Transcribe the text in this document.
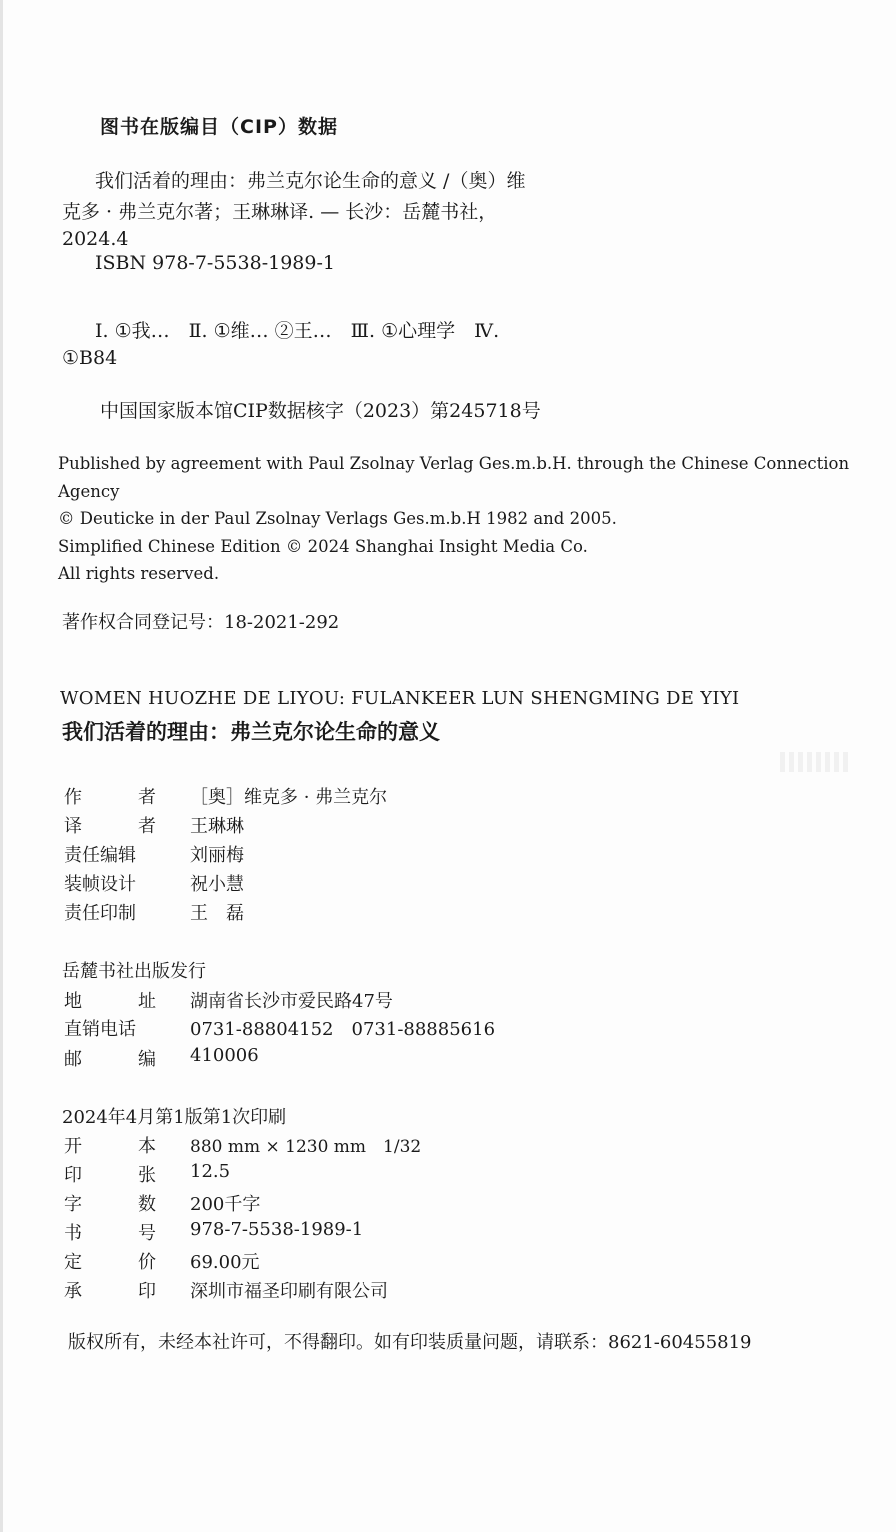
图书在版编目（CIP）数据
我们活着的理由：弗兰克尔论生命的意义 /（奥）维
克多 · 弗兰克尔著；王琳琳译. — 长沙：岳麓书社，
2024.4
ISBN 978-7-5538-1989-1
Ⅰ. ①我…　Ⅱ. ①维… ②王…　Ⅲ. ①心理学　Ⅳ.
①B84
中国国家版本馆CIP数据核字（2023）第245718号
Published by agreement with Paul Zsolnay Verlag Ges.m.b.H. through the Chinese Connection
Agency
© Deuticke in der Paul Zsolnay Verlags Ges.m.b.H 1982 and 2005.
Simplified Chinese Edition © 2024 Shanghai Insight Media Co.
All rights reserved.
著作权合同登记号：18-2021-292
WOMEN HUOZHE DE LIYOU: FULANKEER LUN SHENGMING DE YIYI
我们活着的理由：弗兰克尔论生命的意义
作	者 ［奥］维克多 · 弗兰克尔
译	者 王琳琳
责任编辑	刘丽梅
装帧设计	祝小慧
责任印制	王　磊
岳麓书社出版发行
地	址 湖南省长沙市爱民路47号
直销电话	0731-88804152　0731-88885616
邮	编 410006
2024年4月第1版第1次印刷
开	本 880 mm × 1230 mm　1/32
印	张 12.5
字	数 200千字
书	号 978-7-5538-1989-1
定	价 69.00元
承	印 深圳市福圣印刷有限公司
版权所有，未经本社许可，不得翻印。如有印装质量问题，请联系：8621-60455819
